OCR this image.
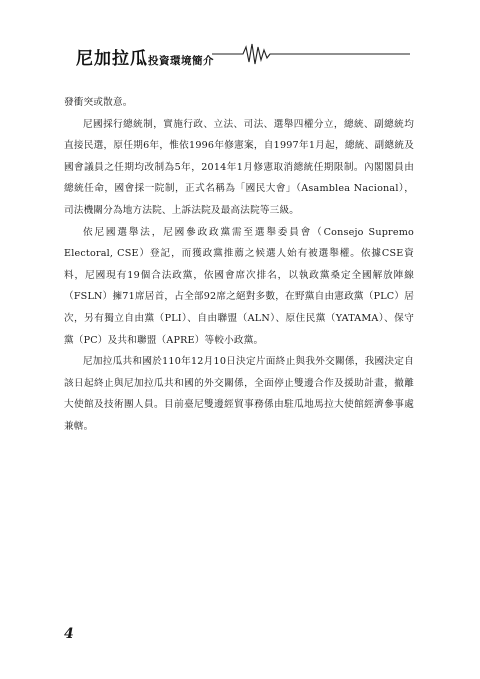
尼加拉瓜投資環境簡介

發衝突或散意。

尼國採行總統制，實施行政、立法、司法、選舉四權分立，總統、副總統均直接民選，原任期6年，惟依1996年修憲案，自1997年1月起，總統、副總統及國會議員之任期均改制為5年，2014年1月修憲取消總統任期限制。內閣閣員由總統任命，國會採一院制，正式名稱為「國民大會」（Asamblea Nacional），司法機關分為地方法院、上訴法院及最高法院等三級。

依尼國選舉法，尼國參政政黨需至選舉委員會（Consejo Supremo Electoral, CSE）登記，而獲政黨推薦之候選人始有被選舉權。依據CSE資料，尼國現有19個合法政黨，依國會席次排名，以執政黨桑定全國解放陣線（FSLN）擁71席居首，占全部92席之絕對多數，在野黨自由憲政黨（PLC）居次，另有獨立自由黨（PLI）、自由聯盟（ALN）、原住民黨（YATAMA）、保守黨（PC）及共和聯盟（APRE）等較小政黨。

尼加拉瓜共和國於110年12月10日決定片面終止與我外交關係，我國決定自該日起終止與尼加拉瓜共和國的外交關係，全面停止雙邊合作及援助計畫，撤離大使館及技術團人員。目前臺尼雙邊經貿事務係由駐瓜地馬拉大使館經濟參事處兼轄。

4
